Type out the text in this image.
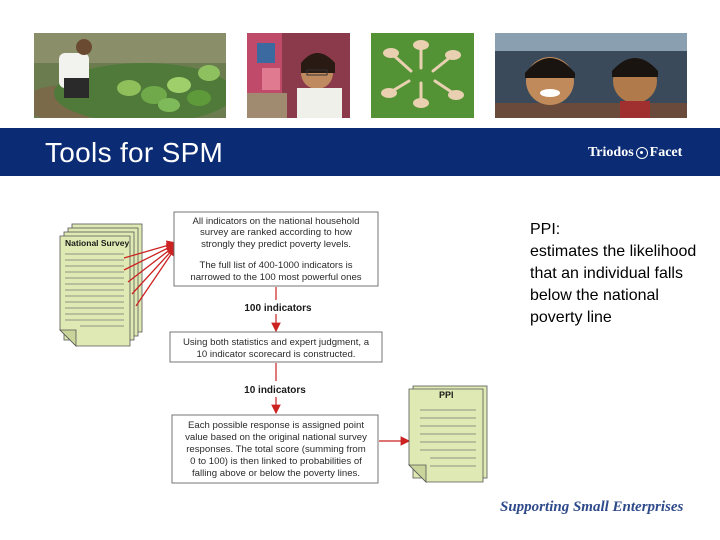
Tools for SPM	Triodos Facet
National Survey
All indicators on the national household
survey are ranked according to how
strongly they predict poverty levels.
The full list of 400-1000 indicators is
narrowed to the 100 most powerful ones
100 indicators
Using both statistics and expert judgment, a
10 indicator scorecard is constructed.
10 indicators
Each possible response is assigned point
value based on the original national survey
responses. The total score (summing from
0 to 100) is then linked to probabilities of
falling above or below the poverty lines.
PPI
PPI:
estimates the likelihood that an individual falls below the national poverty line
Supporting Small Enterprises
